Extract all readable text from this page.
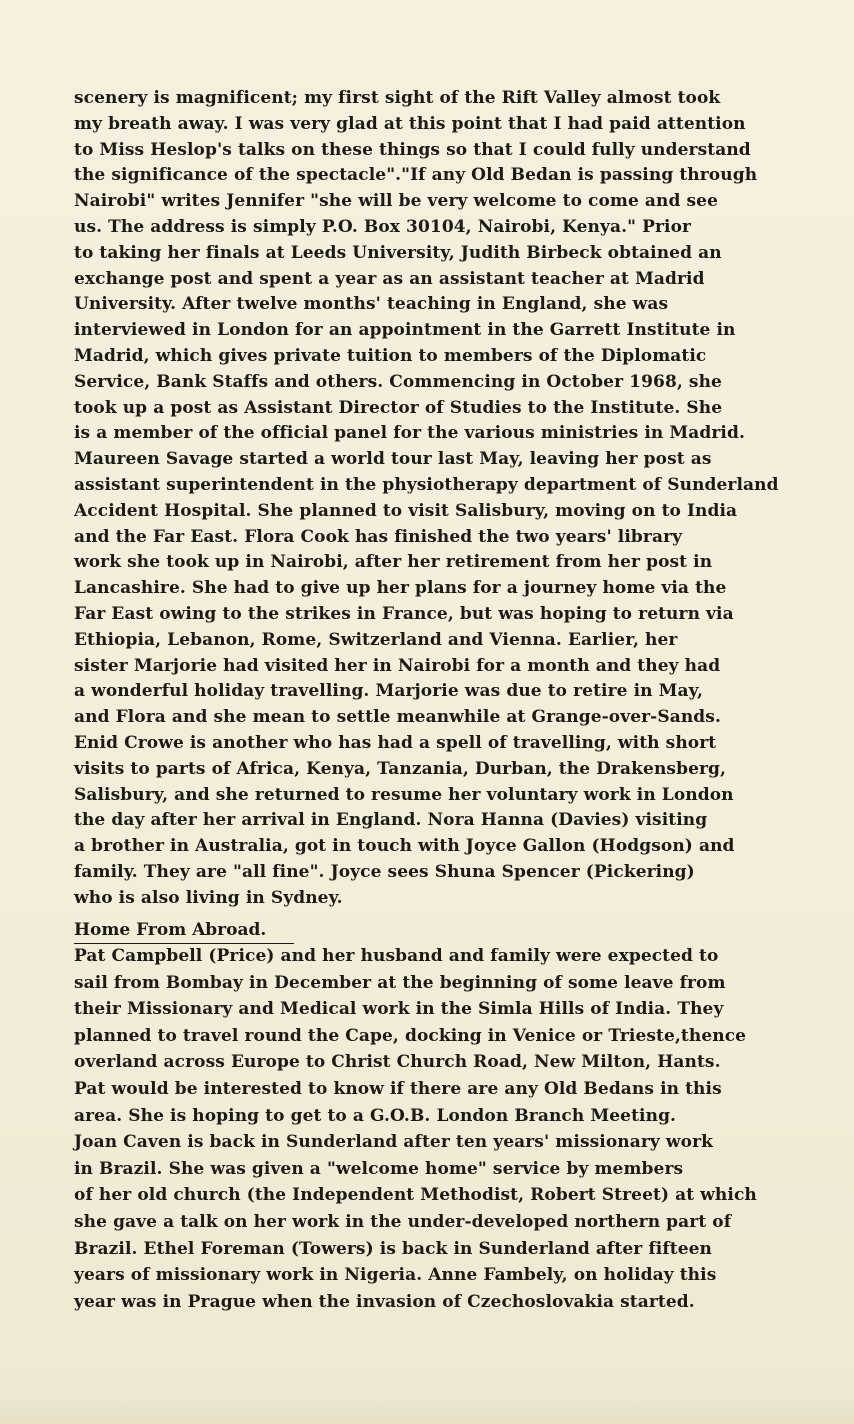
scenery is magnificent; my first sight of the Rift Valley almost took
my breath away. I was very glad at this point that I had paid attention
to Miss Heslop's talks on these things so that I could fully understand
the significance of the spectacle"."If any Old Bedan is passing through
Nairobi" writes Jennifer "she will be very welcome to come and see
us. The address is simply P.O. Box 30104, Nairobi, Kenya." Prior
to taking her finals at Leeds University, Judith Birbeck obtained an
exchange post and spent a year as an assistant teacher at Madrid
University. After twelve months' teaching in England, she was
interviewed in London for an appointment in the Garrett Institute in
Madrid, which gives private tuition to members of the Diplomatic
Service, Bank Staffs and others. Commencing in October 1968, she
took up a post as Assistant Director of Studies to the Institute. She
is a member of the official panel for the various ministries in Madrid.
Maureen Savage started a world tour last May, leaving her post as
assistant superintendent in the physiotherapy department of Sunderland
Accident Hospital. She planned to visit Salisbury, moving on to India
and the Far East. Flora Cook has finished the two years' library
work she took up in Nairobi, after her retirement from her post in
Lancashire. She had to give up her plans for a journey home via the
Far East owing to the strikes in France, but was hoping to return via
Ethiopia, Lebanon, Rome, Switzerland and Vienna. Earlier, her
sister Marjorie had visited her in Nairobi for a month and they had
a wonderful holiday travelling. Marjorie was due to retire in May,
and Flora and she mean to settle meanwhile at Grange-over-Sands.
Enid Crowe is another who has had a spell of travelling, with short
visits to parts of Africa, Kenya, Tanzania, Durban, the Drakensberg,
Salisbury, and she returned to resume her voluntary work in London
the day after her arrival in England. Nora Hanna (Davies) visiting
a brother in Australia, got in touch with Joyce Gallon (Hodgson) and
family. They are "all fine". Joyce sees Shuna Spencer (Pickering)
who is also living in Sydney.
Home From Abroad.
Pat Campbell (Price) and her husband and family were expected to
sail from Bombay in December at the beginning of some leave from
their Missionary and Medical work in the Simla Hills of India. They
planned to travel round the Cape, docking in Venice or Trieste,thence
overland across Europe to Christ Church Road, New Milton, Hants.
Pat would be interested to know if there are any Old Bedans in this
area. She is hoping to get to a G.O.B. London Branch Meeting.
Joan Caven is back in Sunderland after ten years' missionary work
in Brazil. She was given a "welcome home" service by members
of her old church (the Independent Methodist, Robert Street) at which
she gave a talk on her work in the under-developed northern part of
Brazil. Ethel Foreman (Towers) is back in Sunderland after fifteen
years of missionary work in Nigeria. Anne Fambely, on holiday this
year was in Prague when the invasion of Czechoslovakia started.
